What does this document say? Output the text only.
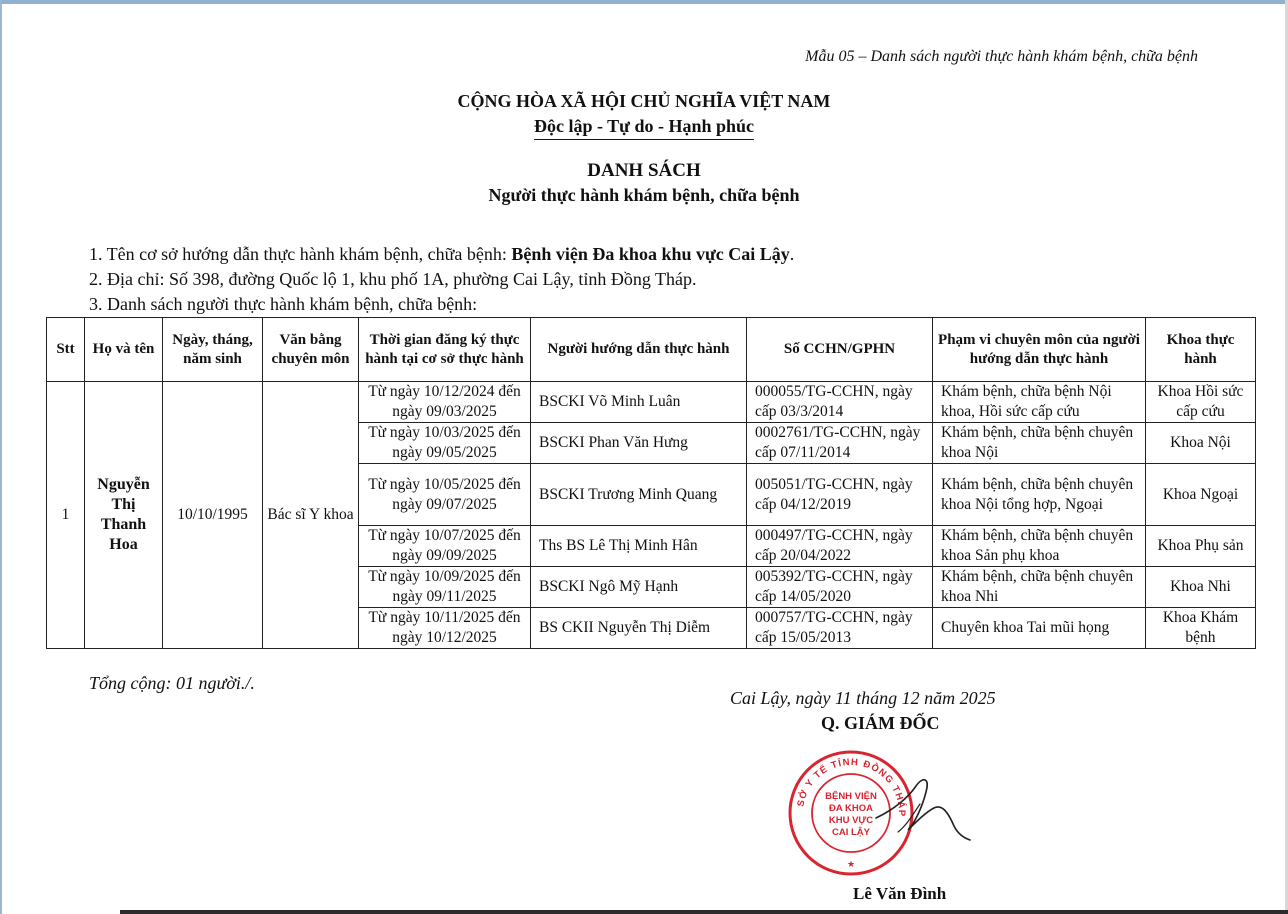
Mẫu 05 – Danh sách người thực hành khám bệnh, chữa bệnh
CỘNG HÒA XÃ HỘI CHỦ NGHĨA VIỆT NAM
Độc lập - Tự do - Hạnh phúc
DANH SÁCH
Người thực hành khám bệnh, chữa bệnh
1. Tên cơ sở hướng dẫn thực hành khám bệnh, chữa bệnh: Bệnh viện Đa khoa khu vực Cai Lậy.
2. Địa chỉ: Số 398, đường Quốc lộ 1, khu phố 1A, phường Cai Lậy, tỉnh Đồng Tháp.
3. Danh sách người thực hành khám bệnh, chữa bệnh:
Stt	Họ và tên	Ngày, tháng, năm sinh	Văn bằng chuyên môn	Thời gian đăng ký thực hành tại cơ sở thực hành	Người hướng dẫn thực hành	Số CCHN/GPHN	Phạm vi chuyên môn của người hướng dẫn thực hành	Khoa thực hành
1	Nguyễn Thị Thanh Hoa	10/10/1995	Bác sĩ Y khoa	Từ ngày 10/12/2024 đến ngày 09/03/2025	BSCKI Võ Minh Luân	000055/TG-CCHN, ngày cấp 03/3/2014	Khám bệnh, chữa bệnh Nội khoa, Hồi sức cấp cứu	Khoa Hồi sức cấp cứu
				Từ ngày 10/03/2025 đến ngày 09/05/2025	BSCKI Phan Văn Hưng	0002761/TG-CCHN, ngày cấp 07/11/2014	Khám bệnh, chữa bệnh chuyên khoa Nội	Khoa Nội
				Từ ngày 10/05/2025 đến ngày 09/07/2025	BSCKI Trương Minh Quang	005051/TG-CCHN, ngày cấp 04/12/2019	Khám bệnh, chữa bệnh chuyên khoa Nội tổng hợp, Ngoại	Khoa Ngoại
				Từ ngày 10/07/2025 đến ngày 09/09/2025	Ths BS Lê Thị Minh Hân	000497/TG-CCHN, ngày cấp 20/04/2022	Khám bệnh, chữa bệnh chuyên khoa Sản phụ khoa	Khoa Phụ sản
				Từ ngày 10/09/2025 đến ngày 09/11/2025	BSCKI Ngô Mỹ Hạnh	005392/TG-CCHN, ngày cấp 14/05/2020	Khám bệnh, chữa bệnh chuyên khoa Nhi	Khoa Nhi
				Từ ngày 10/11/2025 đến ngày 10/12/2025	BS CKII Nguyễn Thị Diễm	000757/TG-CCHN, ngày cấp 15/05/2013	Chuyên khoa Tai mũi họng	Khoa Khám bệnh
Tổng cộng: 01 người./.
Cai Lậy, ngày 11 tháng 12 năm 2025
Q. GIÁM ĐỐC
SỞ Y TẾ TỈNH ĐỒNG THÁP
BỆNH VIỆN
ĐA KHOA
KHU VỰC
CAI LẬY
★
Lê Văn Đình
